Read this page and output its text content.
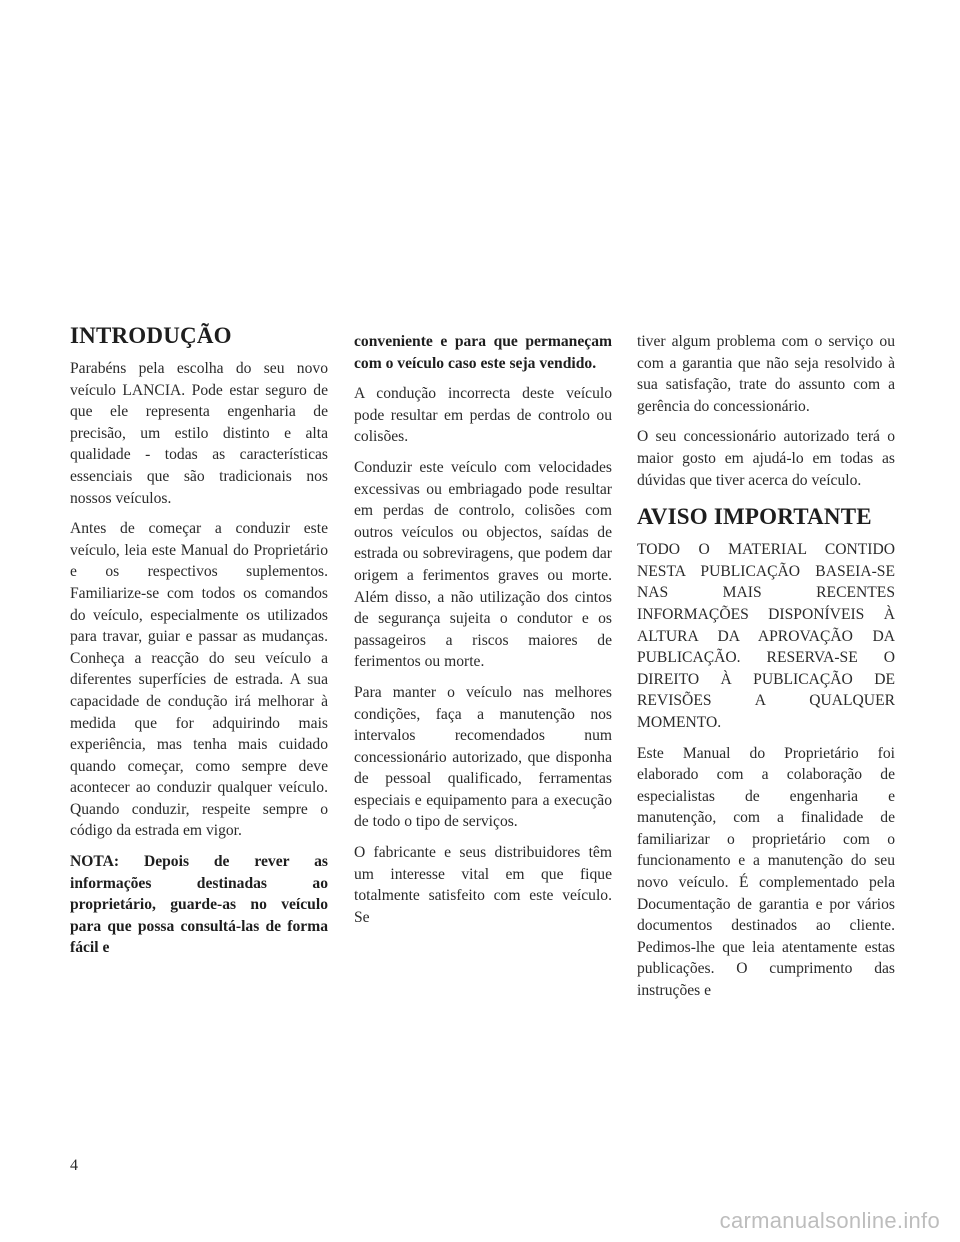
INTRODUÇÃO

Parabéns pela escolha do seu novo veículo LANCIA. Pode estar seguro de que ele representa engenharia de precisão, um estilo distinto e alta qualidade - todas as características essenciais que são tradicionais nos nossos veículos.

Antes de começar a conduzir este veículo, leia este Manual do Proprietário e os respectivos suplementos. Familiarize-se com todos os comandos do veículo, especialmente os utilizados para travar, guiar e passar as mudanças. Conheça a reacção do seu veículo a diferentes superfícies de estrada. A sua capacidade de condução irá melhorar à medida que for adquirindo mais experiência, mas tenha mais cuidado quando começar, como sempre deve acontecer ao conduzir qualquer veículo. Quando conduzir, respeite sempre o código da estrada em vigor.

NOTA: Depois de rever as informações destinadas ao proprietário, guarde-as no veículo para que possa consultá-las de forma fácil e

conveniente e para que permaneçam com o veículo caso este seja vendido.

A condução incorrecta deste veículo pode resultar em perdas de controlo ou colisões.

Conduzir este veículo com velocidades excessivas ou embriagado pode resultar em perdas de controlo, colisões com outros veículos ou objectos, saídas de estrada ou sobreviragens, que podem dar origem a ferimentos graves ou morte. Além disso, a não utilização dos cintos de segurança sujeita o condutor e os passageiros a riscos maiores de ferimentos ou morte.

Para manter o veículo nas melhores condições, faça a manutenção nos intervalos recomendados num concessionário autorizado, que disponha de pessoal qualificado, ferramentas especiais e equipamento para a execução de todo o tipo de serviços.

O fabricante e seus distribuidores têm um interesse vital em que fique totalmente satisfeito com este veículo. Se

tiver algum problema com o serviço ou com a garantia que não seja resolvido à sua satisfação, trate do assunto com a gerência do concessionário.

O seu concessionário autorizado terá o maior gosto em ajudá-lo em todas as dúvidas que tiver acerca do veículo.

AVISO IMPORTANTE

TODO O MATERIAL CONTIDO NESTA PUBLICAÇÃO BASEIA-SE NAS MAIS RECENTES INFORMAÇÕES DISPONÍVEIS À ALTURA DA APROVAÇÃO DA PUBLICAÇÃO. RESERVA-SE O DIREITO À PUBLICAÇÃO DE REVISÕES A QUALQUER MOMENTO.

Este Manual do Proprietário foi elaborado com a colaboração de especialistas de engenharia e manutenção, com a finalidade de familiarizar o proprietário com o funcionamento e a manutenção do seu novo veículo. É complementado pela Documentação de garantia e por vários documentos destinados ao cliente. Pedimos-lhe que leia atentamente estas publicações. O cumprimento das instruções e

4
carmanualsonline.info
